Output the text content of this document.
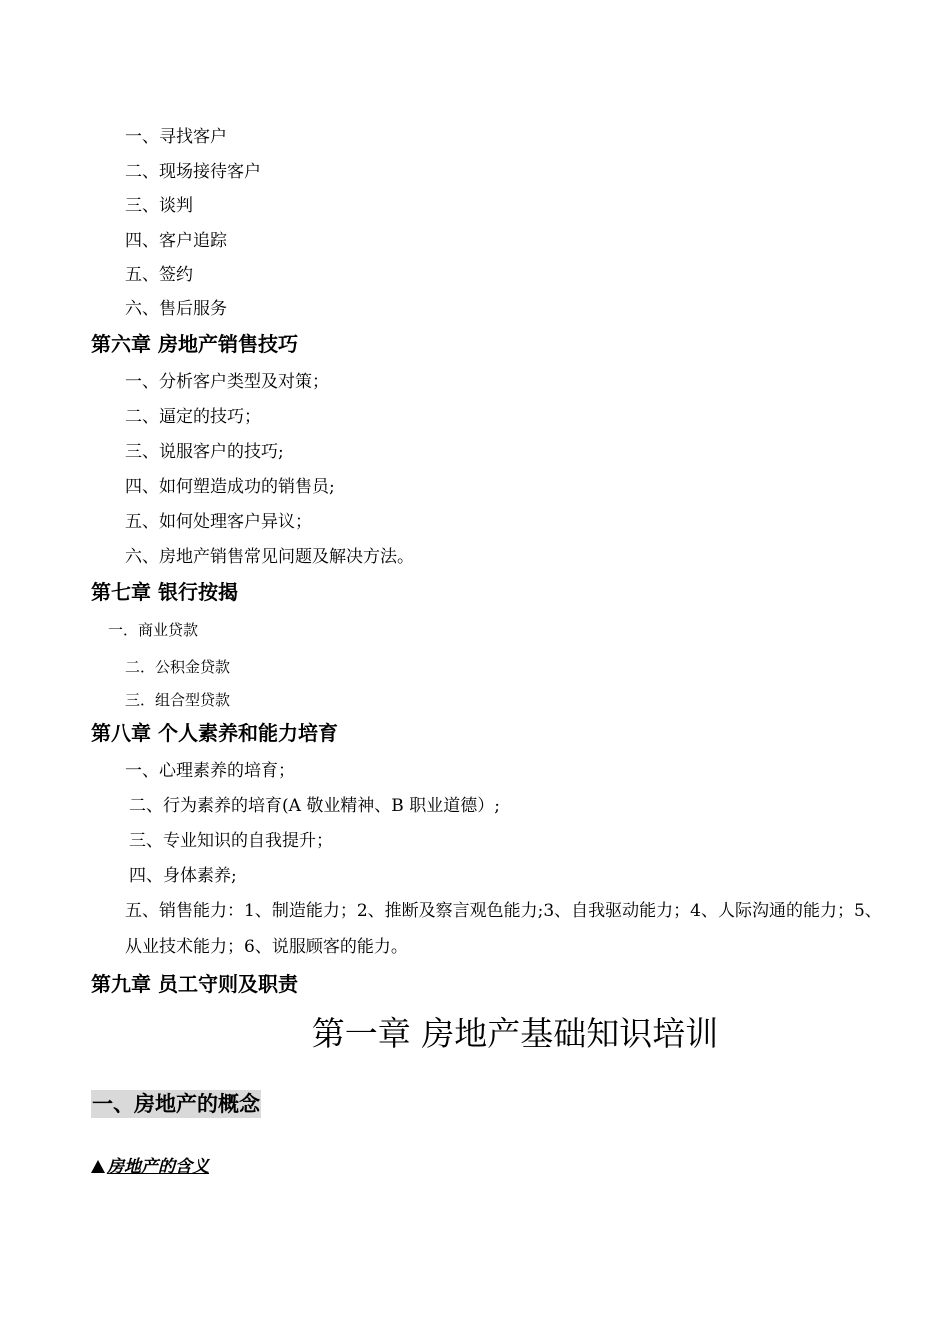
一、寻找客户
二、现场接待客户
三、谈判
四、客户追踪
五、签约
六、售后服务
第六章 房地产销售技巧
一、分析客户类型及对策；
二、逼定的技巧；
三、说服客户的技巧;
四、如何塑造成功的销售员;
五、如何处理客户异议；
六、房地产销售常见问题及解决方法。
第七章 银行按揭
一．商业贷款
二．公积金贷款
三．组合型贷款
第八章 个人素养和能力培育
一、心理素养的培育；
二、行为素养的培育(A 敬业精神、B 职业道德）;
三、专业知识的自我提升；
四、身体素养;
五、销售能力：1、制造能力；2、推断及察言观色能力;3、自我驱动能力；4、人际沟通的能力；5、从业技术能力；6、说服顾客的能力。
第九章 员工守则及职责
第一章 房地产基础知识培训
一、房地产的概念
房地产的含义
